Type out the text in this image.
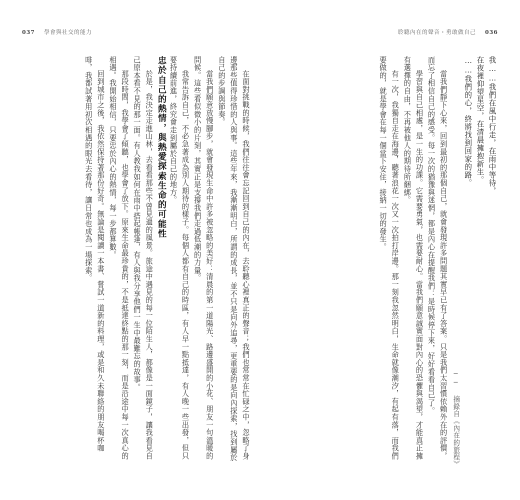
037 學會與社交的能力

在面對挑戰的時候，我們往往會忘記回到自己的內在，去聆聽心裡真正的聲音；我們也常常在忙碌之中，忽略了身邊那些值得珍惜的人與事。這些年來，我漸漸明白，所謂的成長，並不只是向外追尋，更重要的是向內探索，找到屬於自己的步調與節奏。

當我們願意放慢腳步，就會發現生命中許多被忽略的美好：清晨的第一道陽光、路邊盛開的小花、朋友一句溫暖的問候。這些看似微小的片刻，其實正是支撐我們走過低潮的力量。

我常告訴自己，不必急著成為別人期待的樣子。每個人都有自己的時區，有人早一點抵達，有人晚一些出發，但只要持續前進，終究會走到屬於自己的地方。

忠於自己的熱情，與熱愛探索生命的可能性

於是，我決定走進山林，去看看那些不曾見過的風景。旅途中遇見的每一位陌生人，都像是一面鏡子，讓我看見自己原本看不見的那一面。有人教我如何在雨中搭起帳篷，有人與我分享他們一生中最難忘的故事。

那段時間，我學會了傾聽，也學會了放下。原來生命最珍貴的，不是抵達終點的那一刻，而是沿途中每一次真心的相遇。我開始相信，只要忠於內心的熱情，每一步都算數。

回到城市之後，我依然保持著那份好奇。無論是閱讀一本書、嘗試一道新的料理，或是和久未聯絡的朋友喝杯咖啡，我都試著用初次相遇的眼光去看待，讓日常也成為一場探索。

聆聽內在的聲音・勇敢做自己 036

我……我們在風中行走，在雨中等待，

在夜裡仰望星空，在清晨擁抱新生。

……我們的心，終將找到回家的路。

── 摘錄自《內在的旅程》

當我們靜下心來，回到最初的那個自己，就會發現許多問題其實早已有了答案。只是我們太習慣依賴外在的評價，而忘了相信自己的感受。每一次的猶豫與迷惘，都是內心在提醒我們：是時候停下來，好好看看自己了。

學習與自己相處，是一生的功課。它需要勇氣，也需要耐心。當我們願意誠實面對內心的恐懼與渴望，才能真正擁有選擇的自由，不再被他人的期待所綑綁。

有一次，我獨自走在海邊，聽著浪花一次又一次拍打岸邊。那一刻我忽然明白，生命就像潮汐，有起有落，而我們要做的，就是學會在每一個當下安住，接納一切的發生。
